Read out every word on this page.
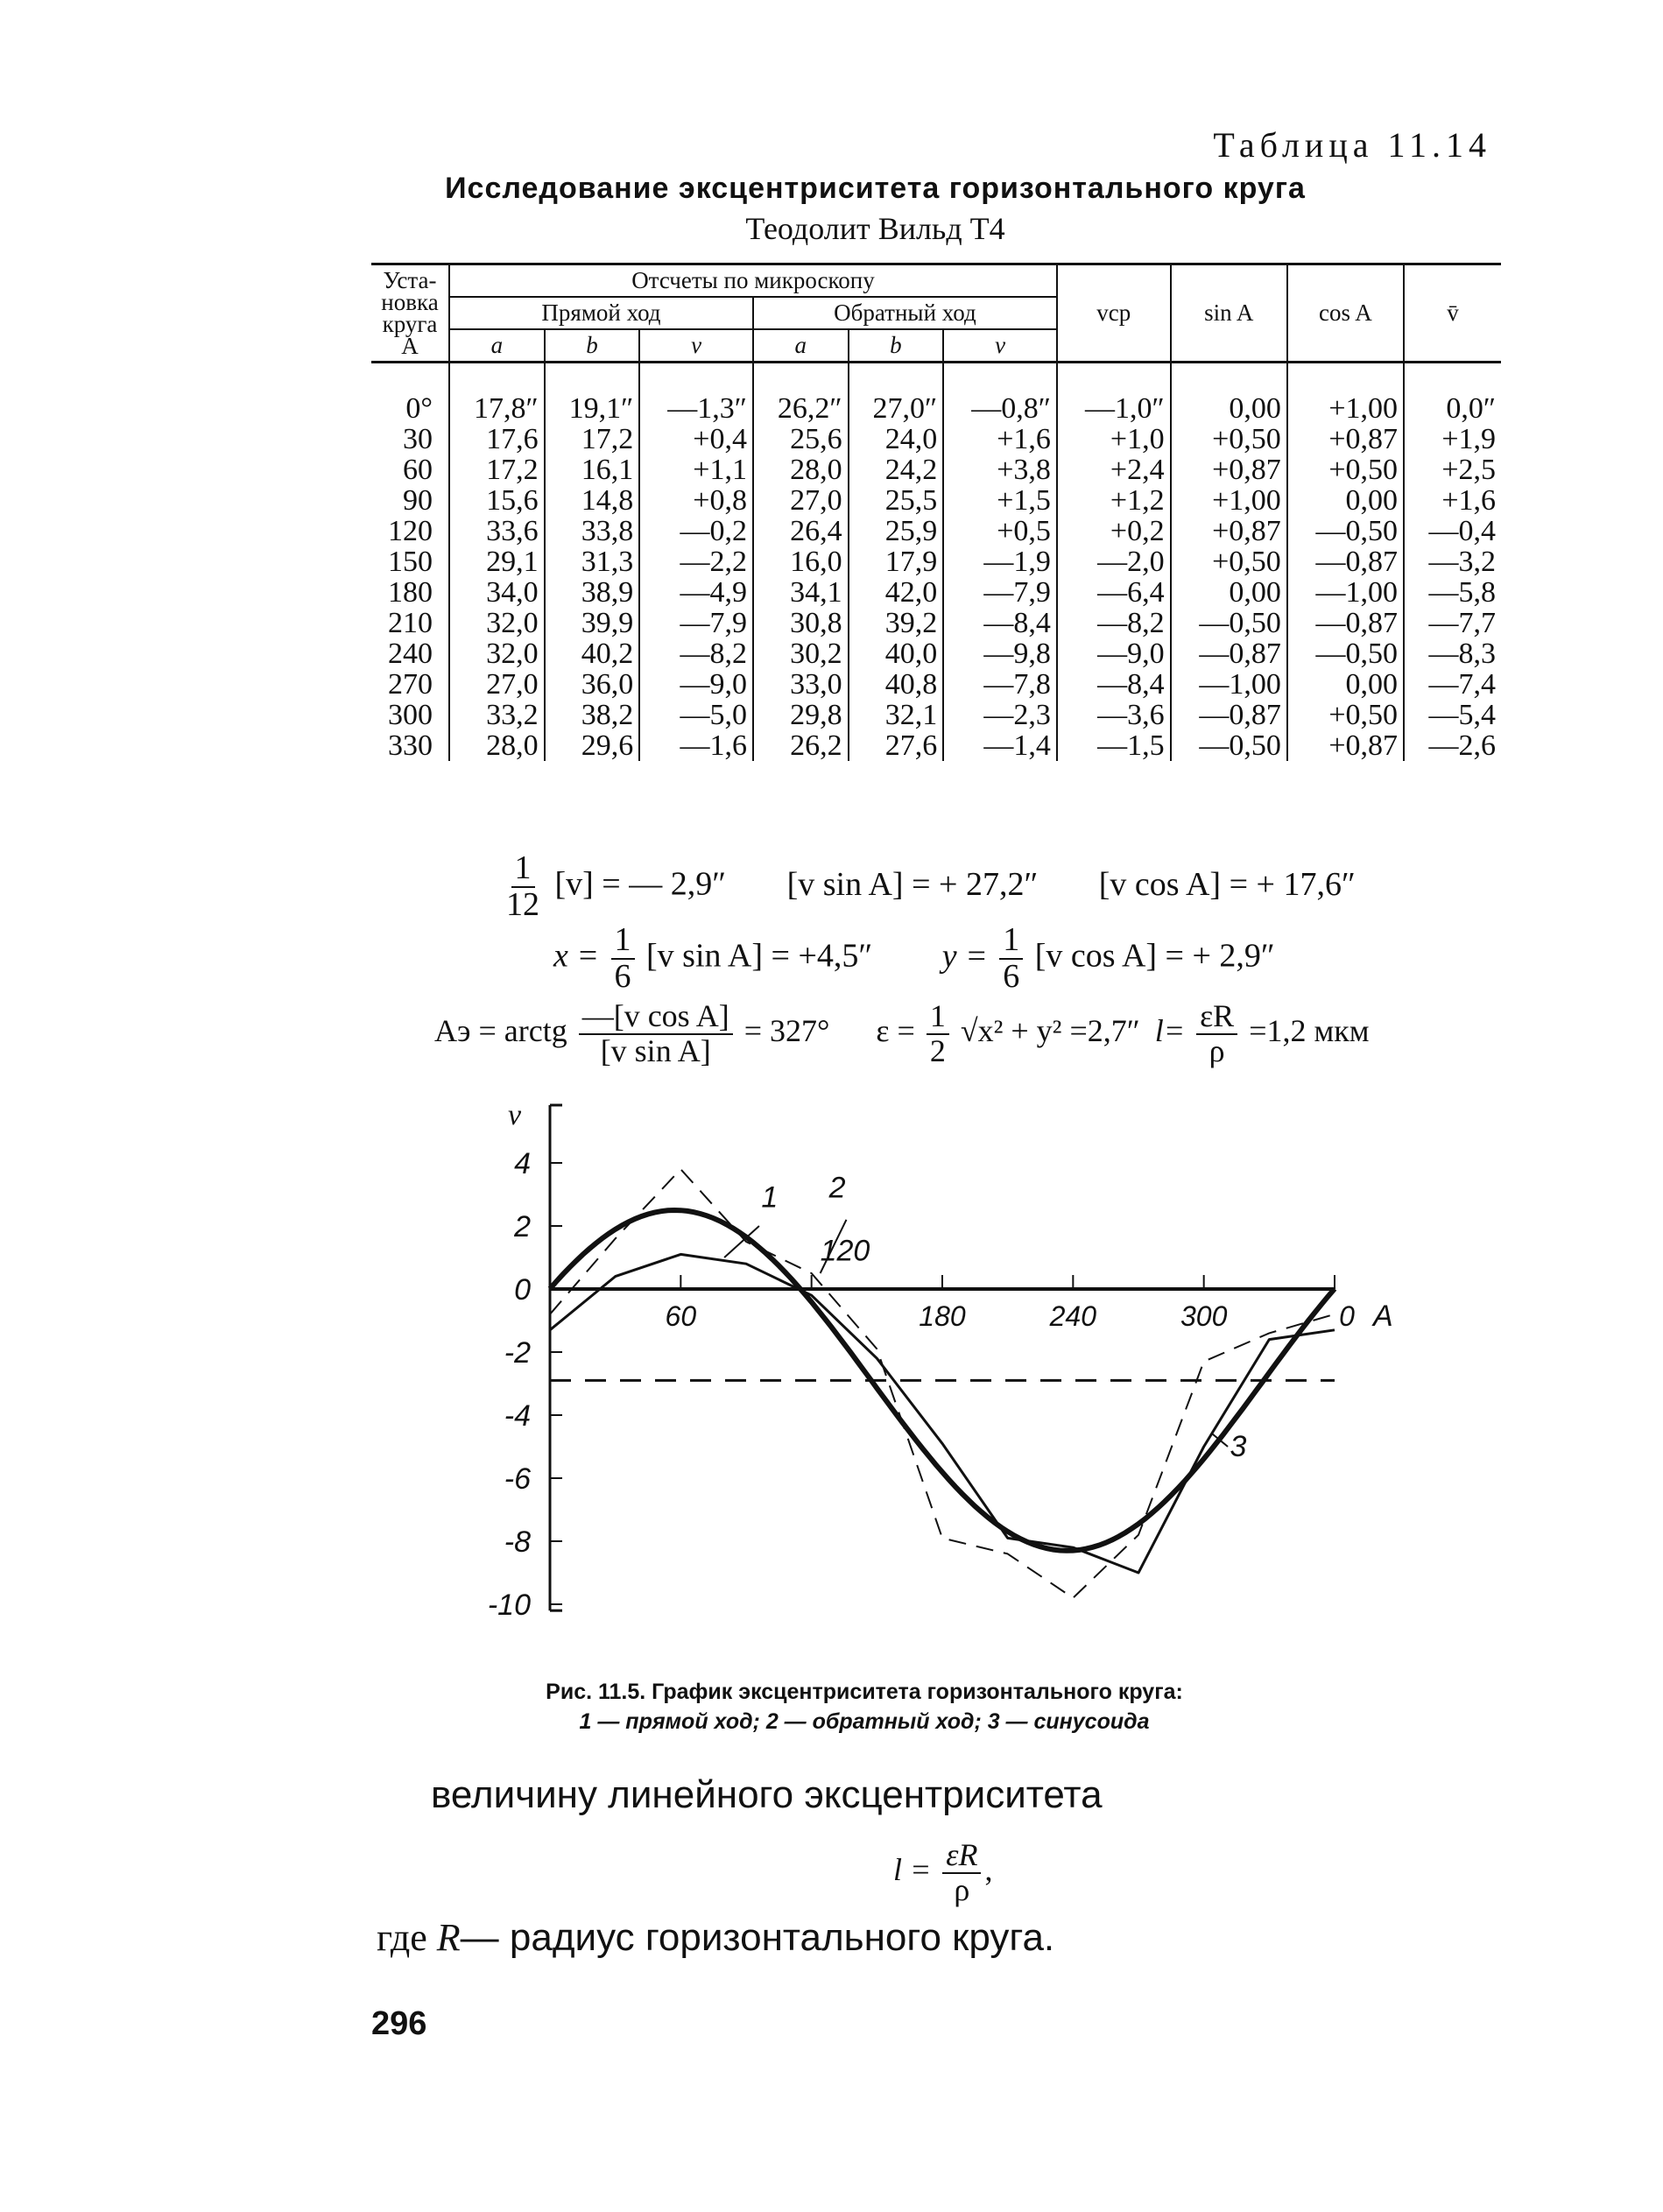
Таблица 11.14
Исследование эксцентриситета горизонтального круга
Теодолит Вильд Т4
Уста-
новка
круга
А	Отсчеты по микроскопу						vср	sin A	cos A	v̄
	Прямой ход			Обратный ход						
	a	b	v	a	b	v				
0°	17,8″	19,1″	—1,3″	26,2″	27,0″	—0,8″	—1,0″	0,00	+1,00	0,0″
30	17,6	17,2	+0,4	25,6	24,0	+1,6	+1,0	+0,50	+0,87	+1,9
60	17,2	16,1	+1,1	28,0	24,2	+3,8	+2,4	+0,87	+0,50	+2,5
90	15,6	14,8	+0,8	27,0	25,5	+1,5	+1,2	+1,00	0,00	+1,6
120	33,6	33,8	—0,2	26,4	25,9	+0,5	+0,2	+0,87	—0,50	—0,4
150	29,1	31,3	—2,2	16,0	17,9	—1,9	—2,0	+0,50	—0,87	—3,2
180	34,0	38,9	—4,9	34,1	42,0	—7,9	—6,4	0,00	—1,00	—5,8
210	32,0	39,9	—7,9	30,8	39,2	—8,4	—8,2	—0,50	—0,87	—7,7
240	32,0	40,2	—8,2	30,2	40,0	—9,8	—9,0	—0,87	—0,50	—8,3
270	27,0	36,0	—9,0	33,0	40,8	—7,8	—8,4	—1,00	0,00	—7,4
300	33,2	38,2	—5,0	29,8	32,1	—2,3	—3,6	—0,87	+0,50	—5,4
330	28,0	29,6	—1,6	26,2	27,6	—1,4	—1,5	—0,50	+0,87	—2,6
$\frac{1}{12} [v]$ = — 2,9″ [v sin A] = + 27,2″ [v cos A] = + 17,6″
$x = \frac{1}{6} [v$ sin A] = +4,5″ $y = \frac{1}{6} [v$ cos A] = + 2,9″
Aэ = arctg $\frac{\text{—[v cos A]}}{\text{[v sin A]}} = 327^\circ$ $\varepsilon = \frac{1}{2} √x^2 + y^2 =2,7''$ $l= \frac{\varepsilon R}{\rho} =1,2$ мкм
4
2
0
-2
-4
-6
-8
-10
v
60	180	240	300	0 A
1 2
120
3
Рис. 11.5. График эксцентриситета горизонтального круга:
1 — прямой ход; 2 — обратный ход; 3 — синусоида
величину линейного эксцентриситета
$l = \frac{\varepsilon R}{\rho}$ ,
где R— радиус горизонтального круга.
296
